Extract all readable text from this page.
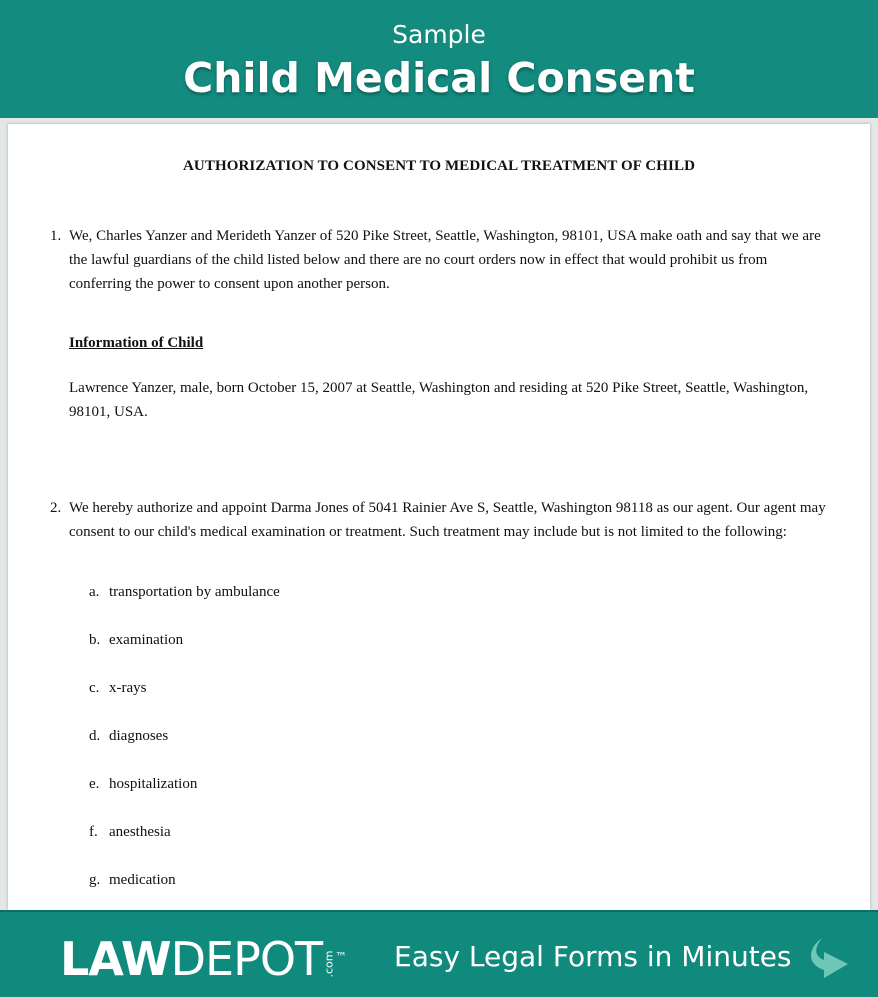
Sample
Child Medical Consent
AUTHORIZATION TO CONSENT TO MEDICAL TREATMENT OF CHILD
1. We, Charles Yanzer and Merideth Yanzer of 520 Pike Street, Seattle, Washington, 98101, USA make oath and say that we are the lawful guardians of the child listed below and there are no court orders now in effect that would prohibit us from conferring the power to consent upon another person.
Information of Child
Lawrence Yanzer, male, born October 15, 2007 at Seattle, Washington and residing at 520 Pike Street, Seattle, Washington, 98101, USA.
2. We hereby authorize and appoint Darma Jones of 5041 Rainier Ave S, Seattle, Washington 98118 as our agent. Our agent may consent to our child's medical examination or treatment. Such treatment may include but is not limited to the following:
a. transportation by ambulance
b. examination
c. x-rays
d. diagnoses
e. hospitalization
f. anesthesia
g. medication
LAWDEPOT.com™	Easy Legal Forms in Minutes
